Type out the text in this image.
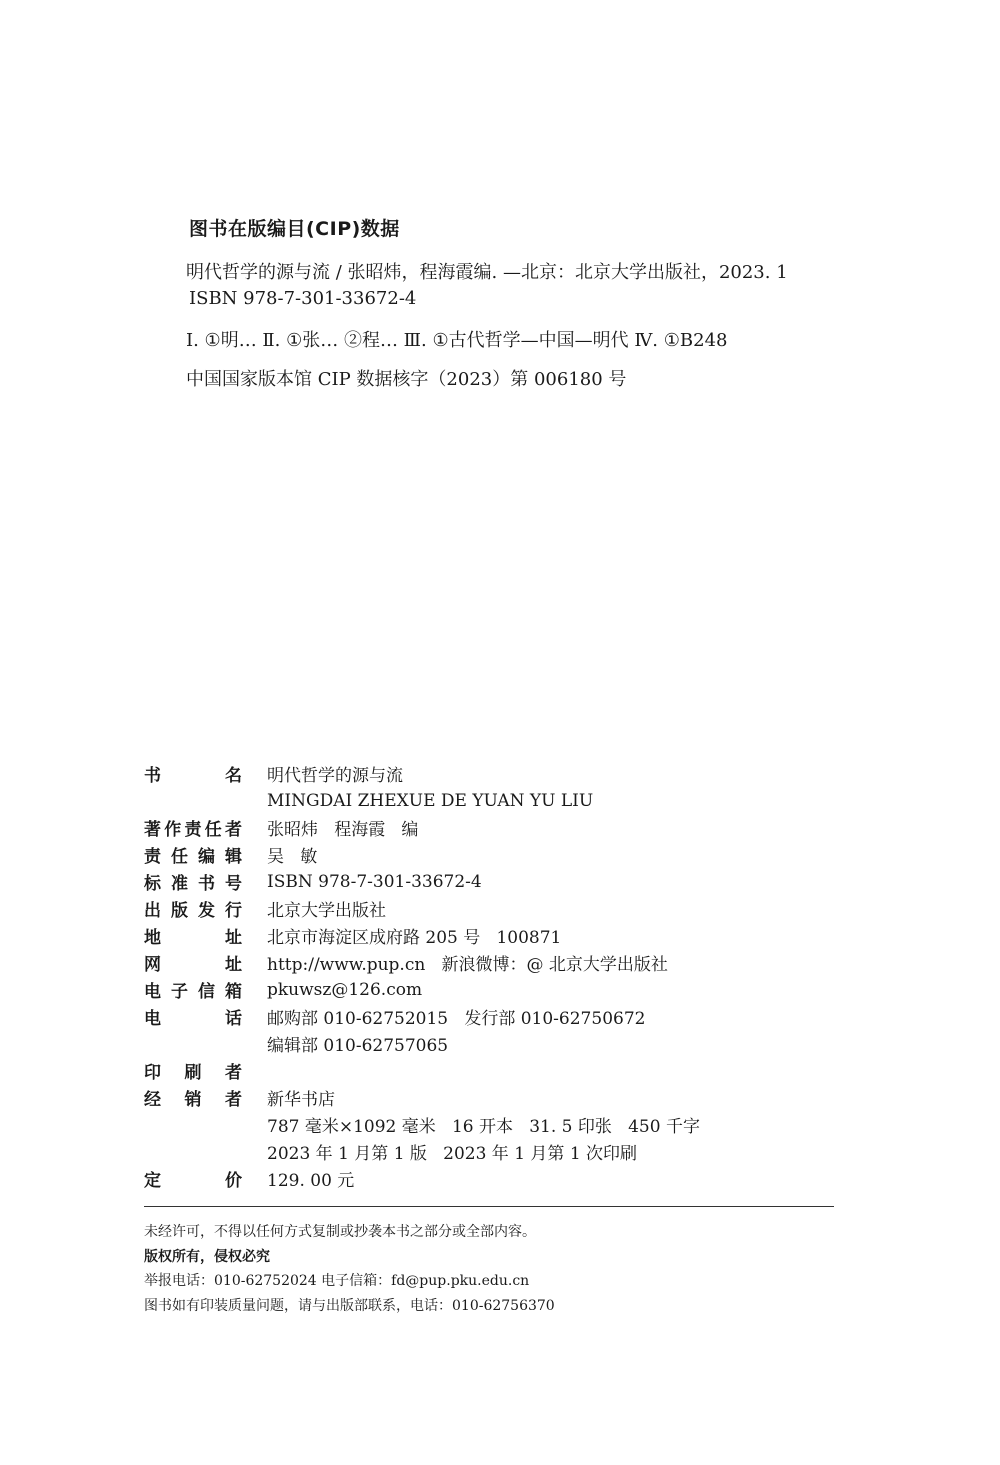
图书在版编目(CIP)数据
明代哲学的源与流 / 张昭炜，程海霞编. —北京：北京大学出版社，2023. 1
ISBN 978-7-301-33672-4
Ⅰ. ①明… Ⅱ. ①张… ②程… Ⅲ. ①古代哲学—中国—明代 Ⅳ. ①B248
中国国家版本馆 CIP 数据核字（2023）第 006180 号
书 名 明代哲学的源与流
MINGDAI ZHEXUE DE YUAN YU LIU
著作责任者 张昭炜   程海霞   编
责任编辑 吴   敏
标准书号 ISBN 978-7-301-33672-4
出版发行 北京大学出版社
地 址 北京市海淀区成府路 205 号   100871
网 址 http://www.pup.cn   新浪微博：@ 北京大学出版社
电子信箱 pkuwsz@126.com
电 话 邮购部 010-62752015   发行部 010-62750672
编辑部 010-62757065
印 刷 者
经 销 者 新华书店
787 毫米×1092 毫米   16 开本   31. 5 印张   450 千字
2023 年 1 月第 1 版   2023 年 1 月第 1 次印刷
定 价 129. 00 元
未经许可，不得以任何方式复制或抄袭本书之部分或全部内容。
版权所有，侵权必究
举报电话：010-62752024 电子信箱：fd@pup.pku.edu.cn
图书如有印装质量问题，请与出版部联系，电话：010-62756370
